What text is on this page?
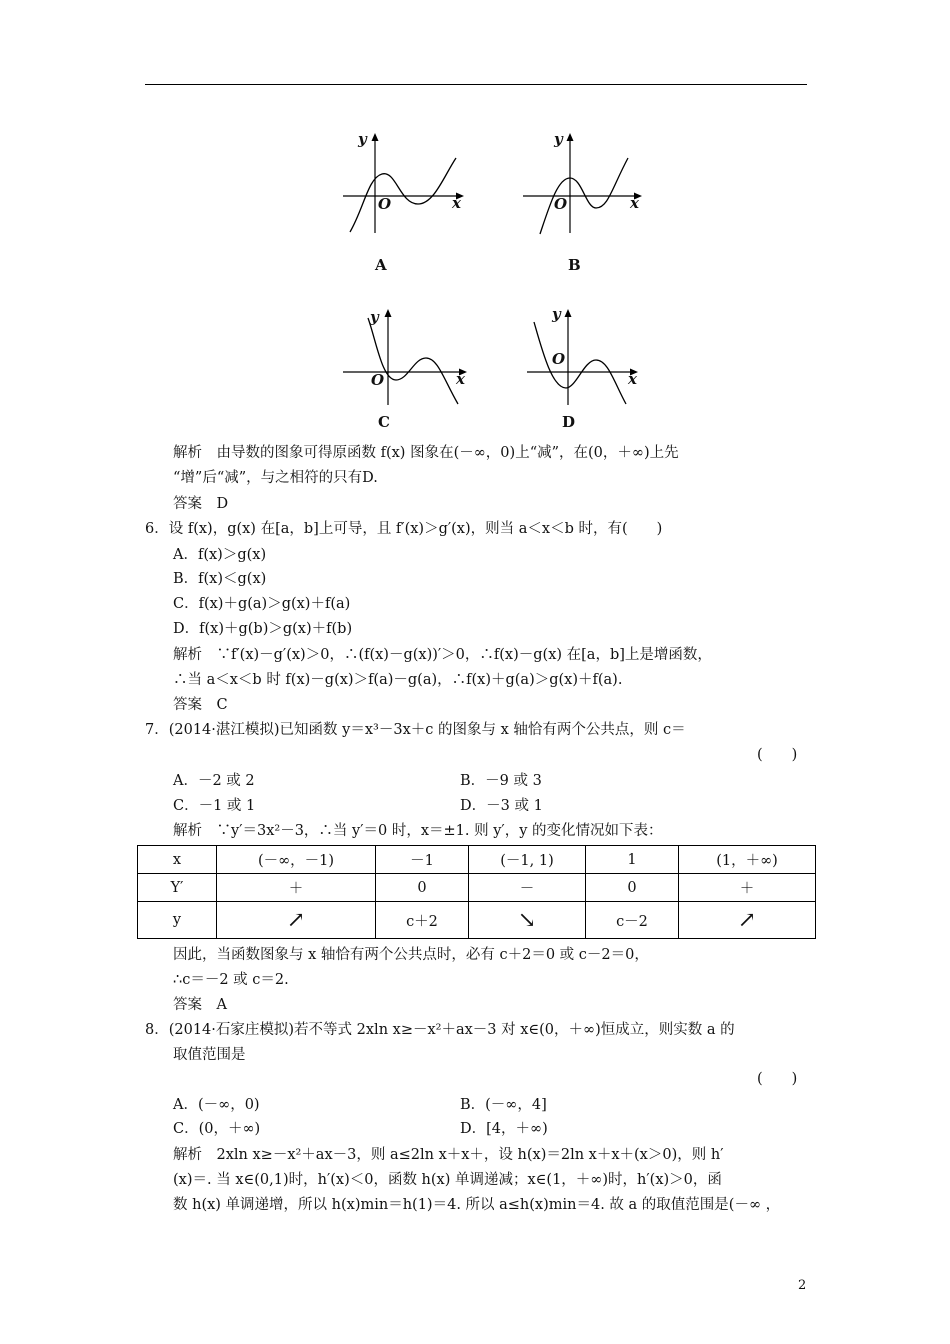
y
x
O
A
y
x
O
B
y
x
O
C
y
x
O
D
解析　由导数的图象可得原函数 f(x) 图象在(－∞，0)上“减”，在(0，＋∞)上先
“增”后“减”，与之相符的只有D.
答案　D
6．设 f(x)，g(x) 在[a，b]上可导，且 f′(x)＞g′(x)，则当 a＜x＜b 时，有(　　)
A．f(x)＞g(x)
B．f(x)＜g(x)
C．f(x)＋g(a)＞g(x)＋f(a)
D．f(x)＋g(b)＞g(x)＋f(b)
解析　∵f′(x)－g′(x)＞0，∴(f(x)－g(x))′＞0，∴f(x)－g(x) 在[a，b]上是增函数，
∴当 a＜x＜b 时 f(x)－g(x)＞f(a)－g(a)，∴f(x)＋g(a)＞g(x)＋f(a).
答案　C
7．(2014·湛江模拟)已知函数 y＝x³－3x＋c 的图象与 x 轴恰有两个公共点，则 c＝
(　　)
A．－2 或 2	B．－9 或 3
C．－1 或 1	D．－3 或 1
解析　∵y′＝3x²－3，∴当 y′＝0 时，x＝±1. 则 y′，y 的变化情况如下表：
x	(－∞，－1)	－1	(－1, 1)	1	(1，＋∞)
Y′	＋	0	－	0	＋
y	↗	c＋2	↘	c－2	↗
因此，当函数图象与 x 轴恰有两个公共点时，必有 c＋2＝0 或 c－2＝0，
∴c＝－2 或 c＝2.
答案　A
8．(2014·石家庄模拟)若不等式 2xln x≥－x²＋ax－3 对 x∈(0，＋∞)恒成立，则实数 a 的
取值范围是
(　　)
A．(－∞，0)	B．(－∞，4]
C．(0，＋∞)	D．[4，＋∞)
解析　2xln x≥－x²＋ax－3，则 a≤2ln x＋x＋，设 h(x)＝2ln x＋x＋(x＞0)，则 h′
(x)＝. 当 x∈(0,1)时，h′(x)＜0，函数 h(x) 单调递减；x∈(1，＋∞)时，h′(x)＞0，函
数 h(x) 单调递增，所以 h(x)min＝h(1)＝4. 所以 a≤h(x)min＝4. 故 a 的取值范围是(－∞ ，
2
